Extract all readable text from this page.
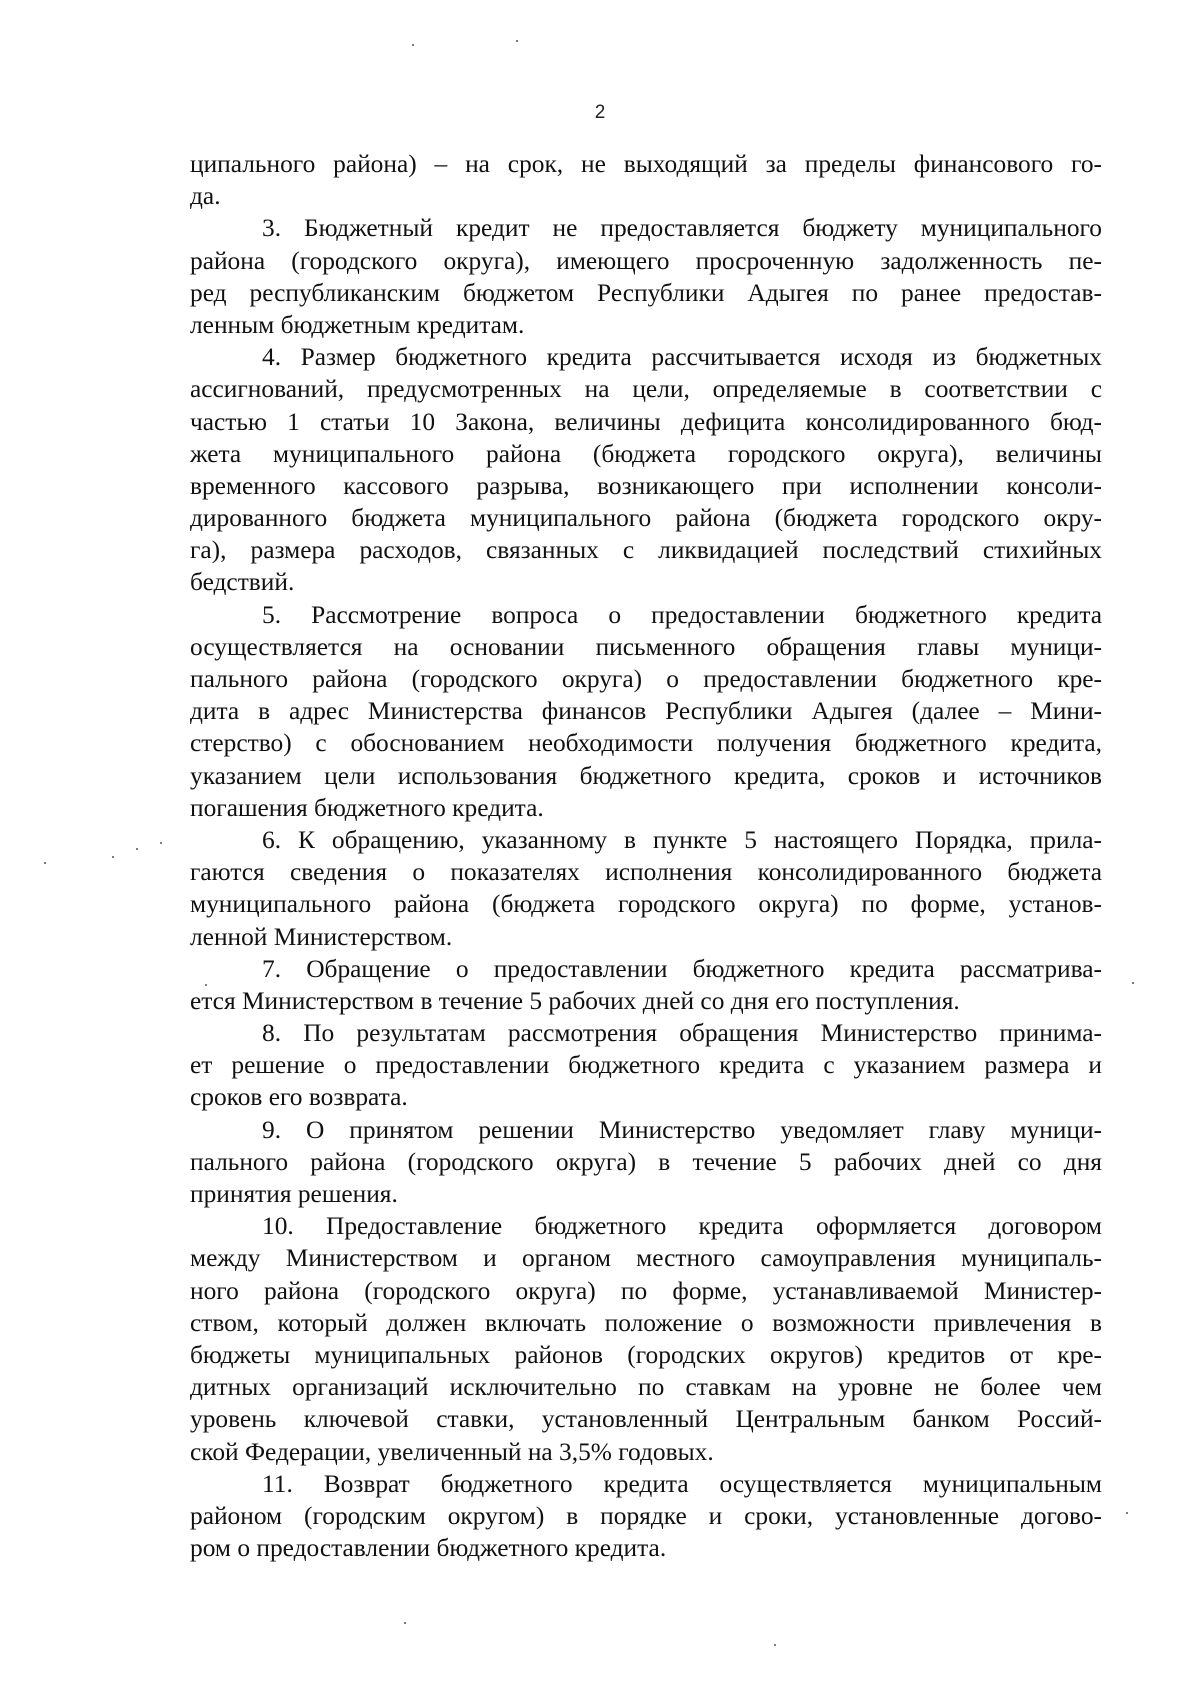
2
ципального района) – на срок, не выходящий за пределы финансового го-
да.
3. Бюджетный кредит не предоставляется бюджету муниципального
района (городского округа), имеющего просроченную задолженность пе-
ред республиканским бюджетом Республики Адыгея по ранее предостав-
ленным бюджетным кредитам.
4. Размер бюджетного кредита рассчитывается исходя из бюджетных
ассигнований, предусмотренных на цели, определяемые в соответствии с
частью 1 статьи 10 Закона, величины дефицита консолидированного бюд-
жета муниципального района (бюджета городского округа), величины
временного кассового разрыва, возникающего при исполнении консоли-
дированного бюджета муниципального района (бюджета городского окру-
га), размера расходов, связанных с ликвидацией последствий стихийных
бедствий.
5. Рассмотрение вопроса о предоставлении бюджетного кредита
осуществляется на основании письменного обращения главы муници-
пального района (городского округа) о предоставлении бюджетного кре-
дита в адрес Министерства финансов Республики Адыгея (далее – Мини-
стерство) с обоснованием необходимости получения бюджетного кредита,
указанием цели использования бюджетного кредита, сроков и источников
погашения бюджетного кредита.
6. К обращению, указанному в пункте 5 настоящего Порядка, прила-
гаются сведения о показателях исполнения консолидированного бюджета
муниципального района (бюджета городского округа) по форме, установ-
ленной Министерством.
7. Обращение о предоставлении бюджетного кредита рассматрива-
ется Министерством в течение 5 рабочих дней со дня его поступления.
8. По результатам рассмотрения обращения Министерство принима-
ет решение о предоставлении бюджетного кредита с указанием размера и
сроков его возврата.
9. О принятом решении Министерство уведомляет главу муници-
пального района (городского округа) в течение 5 рабочих дней со дня
принятия решения.
10. Предоставление бюджетного кредита оформляется договором
между Министерством и органом местного самоуправления муниципаль-
ного района (городского округа) по форме, устанавливаемой Министер-
ством, который должен включать положение о возможности привлечения в
бюджеты муниципальных районов (городских округов) кредитов от кре-
дитных организаций исключительно по ставкам на уровне не более чем
уровень ключевой ставки, установленный Центральным банком Россий-
ской Федерации, увеличенный на 3,5% годовых.
11. Возврат бюджетного кредита осуществляется муниципальным
районом (городским округом) в порядке и сроки, установленные догово-
ром о предоставлении бюджетного кредита.
